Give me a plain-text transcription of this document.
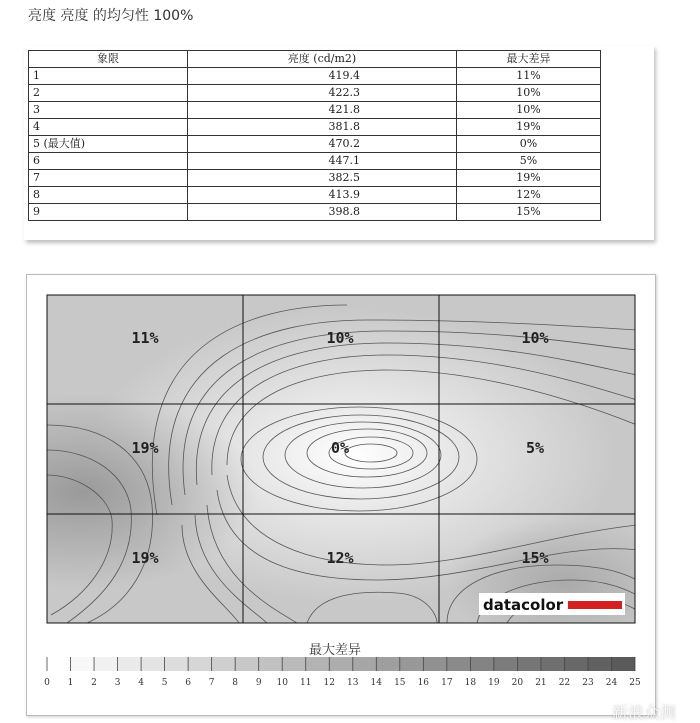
亮度 亮度 的均匀性 100%
象限	亮度 (cd/m2)	最大差异
1	419.4	11%
2	422.3	10%
3	421.8	10%
4	381.8	19%
5 (最大值)	470.2	0%
6	447.1	5%
7	382.5	19%
8	413.9	12%
9	398.8	15%
11%	10%	10%
19%	0%	5%
19%	12%	15%
datacolor
0 1 2 3 4 5 6 7 8 9 10 11 12 13 14 15 16 17 18 19 20 21 22 23 24 25
最大差异
新浪众测
